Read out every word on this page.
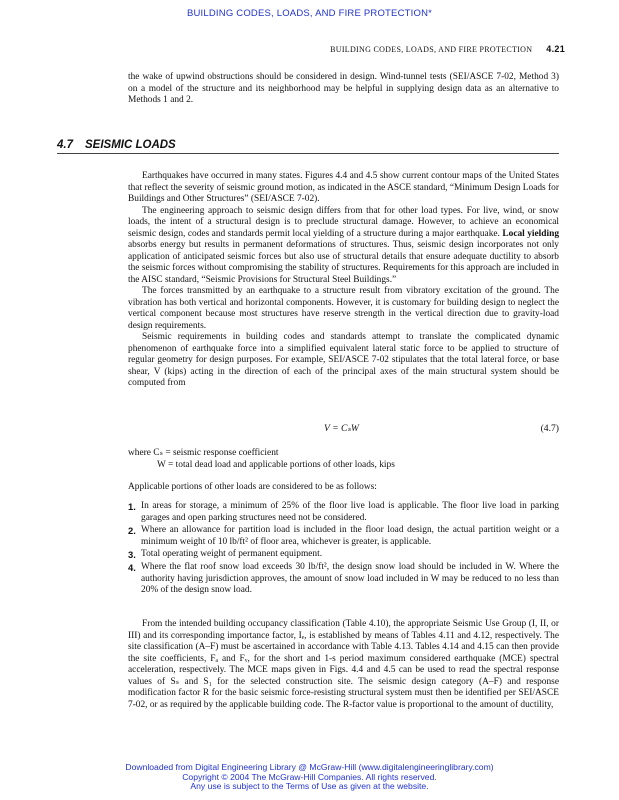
BUILDING CODES, LOADS, AND FIRE PROTECTION*
BUILDING CODES, LOADS, AND FIRE PROTECTION 4.21

the wake of upwind obstructions should be considered in design. Wind-tunnel tests (SEI/ASCE 7-02, Method 3) on a model of the structure and its neighborhood may be helpful in supplying design data as an alternative to Methods 1 and 2.

4.7 SEISMIC LOADS

Earthquakes have occurred in many states. Figures 4.4 and 4.5 show current contour maps of the United States that reflect the severity of seismic ground motion, as indicated in the ASCE standard, “Minimum Design Loads for Buildings and Other Structures” (SEI/ASCE 7-02).

The engineering approach to seismic design differs from that for other load types. For live, wind, or snow loads, the intent of a structural design is to preclude structural damage. However, to achieve an economical seismic design, codes and standards permit local yielding of a structure during a major earthquake. Local yielding absorbs energy but results in permanent deformations of structures. Thus, seismic design incorporates not only application of anticipated seismic forces but also use of structural details that ensure adequate ductility to absorb the seismic forces without compromising the stability of structures. Requirements for this approach are included in the AISC standard, “Seismic Provisions for Structural Steel Buildings.”

The forces transmitted by an earthquake to a structure result from vibratory excitation of the ground. The vibration has both vertical and horizontal components. However, it is customary for building design to neglect the vertical component because most structures have reserve strength in the vertical direction due to gravity-load design requirements.

Seismic requirements in building codes and standards attempt to translate the complicated dynamic phenomenon of earthquake force into a simplified equivalent lateral static force to be applied to structure of regular geometry for design purposes. For example, SEI/ASCE 7-02 stipulates that the total lateral force, or base shear, V (kips) acting in the direction of each of the principal axes of the main structural system should be computed from

V = CₛW	(4.7)
where Cₛ = seismic response coefficient
W = total dead load and applicable portions of other loads, kips
Applicable portions of other loads are considered to be as follows:
1. In areas for storage, a minimum of 25% of the floor live load is applicable. The floor live load in parking garages and open parking structures need not be considered.
2. Where an allowance for partition load is included in the floor load design, the actual partition weight or a minimum weight of 10 lb/ft² of floor area, whichever is greater, is applicable.
3. Total operating weight of permanent equipment.
4. Where the flat roof snow load exceeds 30 lb/ft², the design snow load should be included in W. Where the authority having jurisdiction approves, the amount of snow load included in W may be reduced to no less than 20% of the design snow load.

From the intended building occupancy classification (Table 4.10), the appropriate Seismic Use Group (I, II, or III) and its corresponding importance factor, Iₑ, is established by means of Tables 4.11 and 4.12, respectively. The site classification (A–F) must be ascertained in accordance with Table 4.13. Tables 4.14 and 4.15 can then provide the site coefficients, Fₐ and Fᵥ, for the short and 1-s period maximum considered earthquake (MCE) spectral acceleration, respectively. The MCE maps given in Figs. 4.4 and 4.5 can be used to read the spectral response values of Sₛ and S₁ for the selected construction site. The seismic design category (A–F) and response modification factor R for the basic seismic force-resisting structural system must then be identified per SEI/ASCE 7-02, or as required by the applicable building code. The R-factor value is proportional to the amount of ductility,

Downloaded from Digital Engineering Library @ McGraw-Hill (www.digitalengineeringlibrary.com)
Copyright © 2004 The McGraw-Hill Companies. All rights reserved.
Any use is subject to the Terms of Use as given at the website.
